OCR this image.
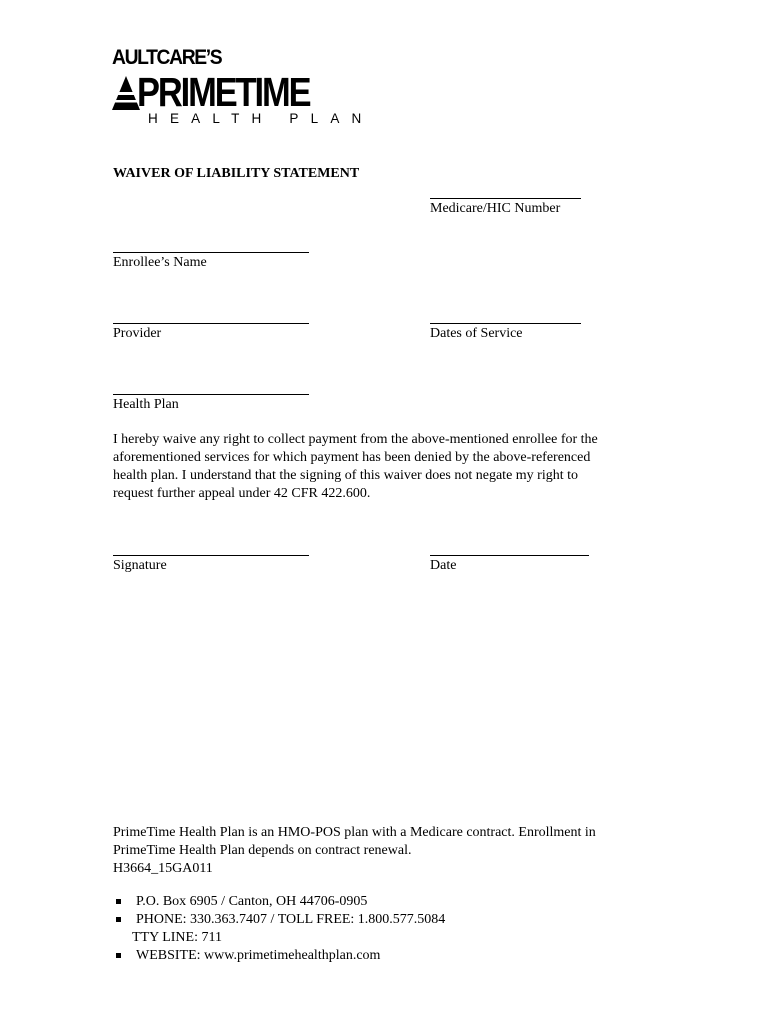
AULTCARE’S
PRIMETIME
HEALTH PLAN
WAIVER OF LIABILITY STATEMENT
Medicare/HIC Number
Enrollee’s Name
Provider	Dates of Service
Health Plan

I hereby waive any right to collect payment from the above-mentioned enrollee for the

aforementioned services for which payment has been denied by the above-referenced

health plan. I understand that the signing of this waiver does not negate my right to

request further appeal under 42 CFR 422.600.

Signature	Date

PrimeTime Health Plan is an HMO-POS plan with a Medicare contract. Enrollment in

PrimeTime Health Plan depends on contract renewal.

H3664_15GA011

P.O. Box 6905 / Canton, OH 44706-0905
PHONE: 330.363.7407 / TOLL FREE: 1.800.577.5084
TTY LINE: 711
WEBSITE: www.primetimehealthplan.com
